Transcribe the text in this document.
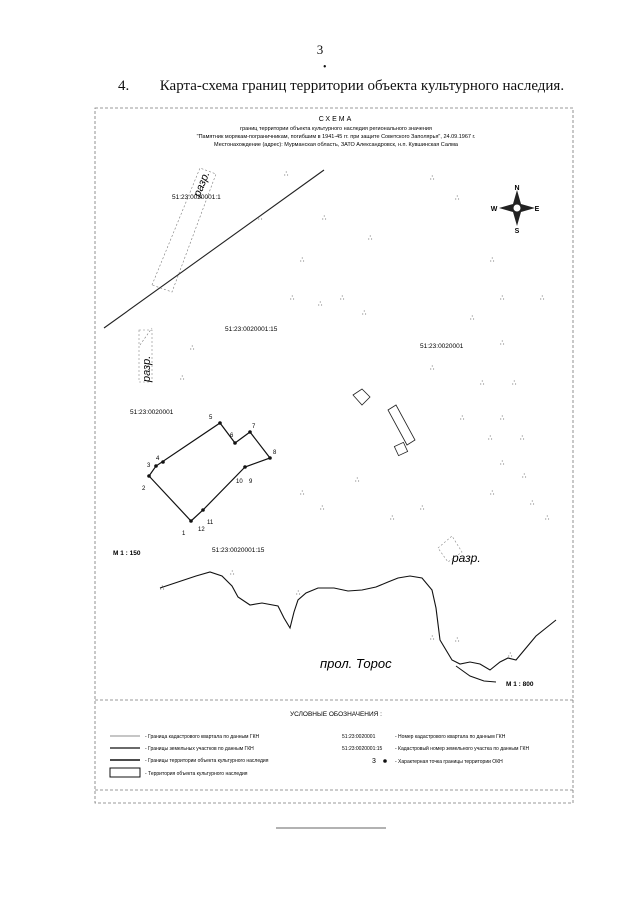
3
•
4. Карта-схема границ территории объекта культурного наследия.
СХЕМА
границ территории объекта культурного наследия регионального значения
"Памятник морякам-пограничникам, погибшим в 1941-45 гг. при защите Советского Заполярья", 24.09.1967 г.
Местонахождение (адрес): Мурманская область, ЗАТО Александровск, н.п. Кувшинская Салма
N
S
W	E
1
2
3
4
5
6
7
8
9
10
11
12
∴
∴
∴
∴
∴
∴
∴
∴
∴
∴
∴
∴
∴
∴
∴
∴	∴
∴
∴
∴
∴
∴
∴
∴
∴
∴
∴
∴
∴
∴
∴
∴
∴
∴	∴
∴
∴
∴
∴
∴
∴
51:23:0020001:1
разр.
51:23:0020001:15
51:23:0020001
разр.
51:23:0020001
М 1 : 150	51:23:0020001:15
разр.
прол. Торос
М 1 : 800
УСЛОВНЫЕ ОБОЗНАЧЕНИЯ :
- Граница кадастрового квартала по данным ГКН
- Границы земельных участков по данным ГКН
- Границы территории объекта культурного наследия
- Территория объекта культурного наследия
51:23:0020001	- Номер кадастрового квартала по данным ГКН
51:23:0020001:15	- Кадастровый номер земельного участка по данным ГКН
3	- Характерная точка границы территории ОКН
